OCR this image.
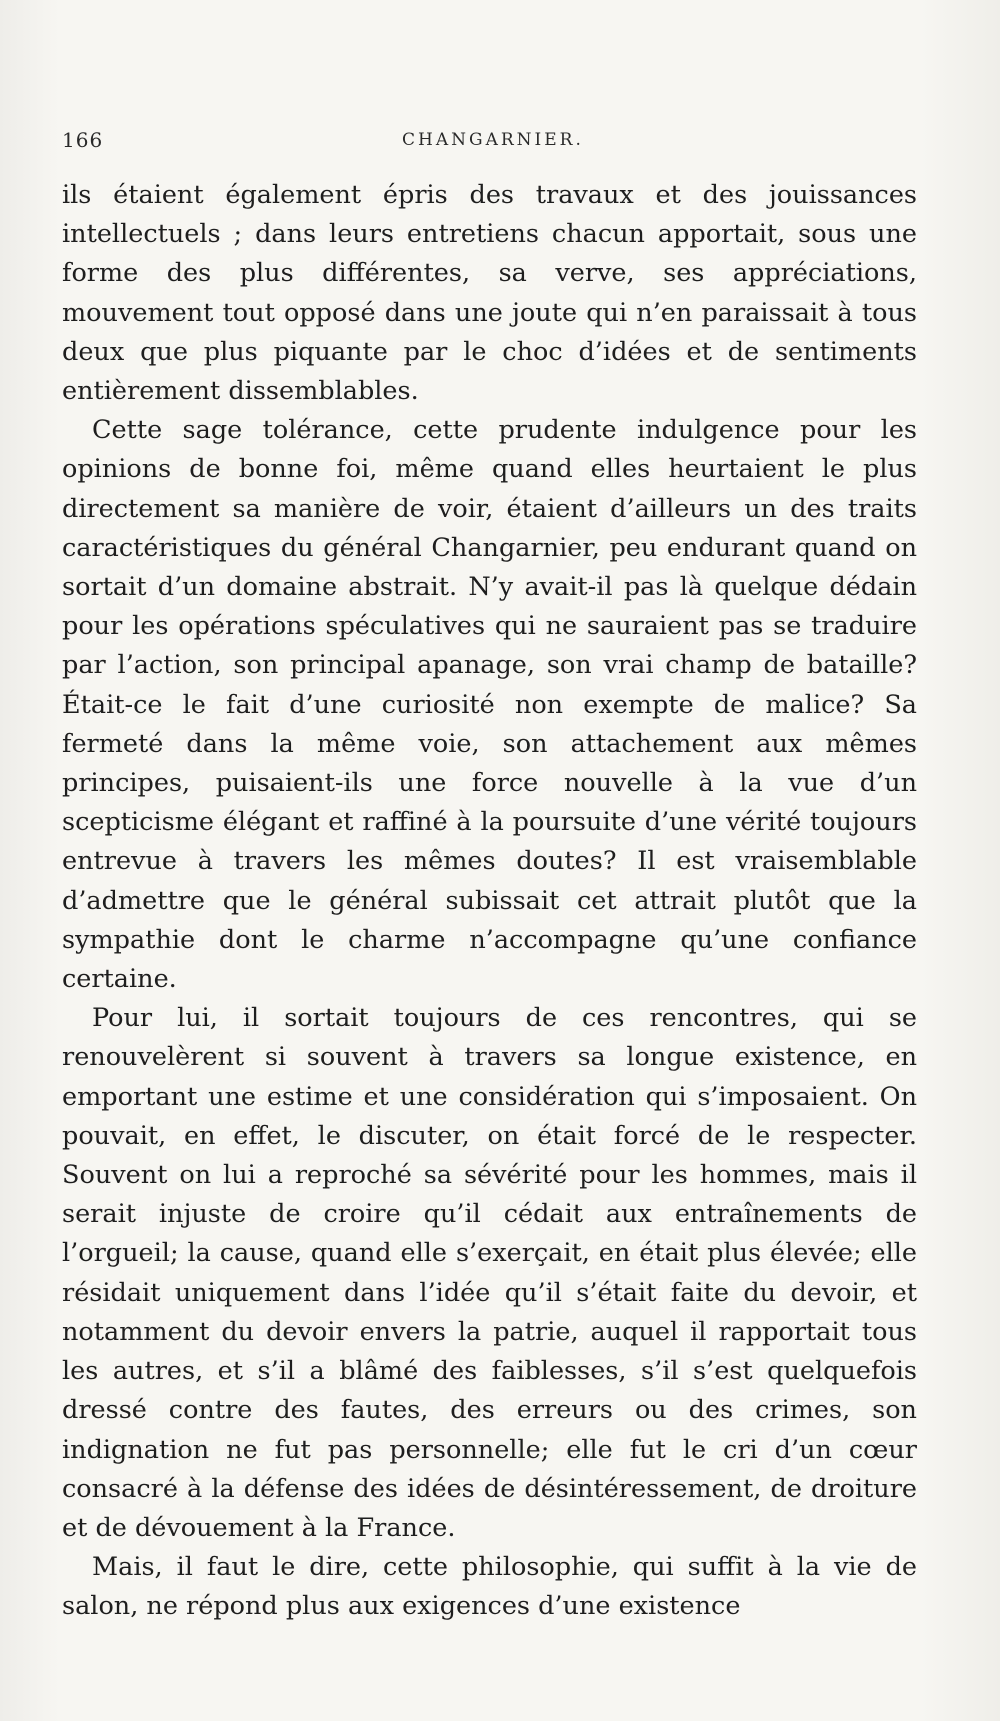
166	CHANGARNIER.

ils étaient également épris des travaux et des jouissances intellectuels ; dans leurs entretiens chacun apportait, sous une forme des plus différentes, sa verve, ses appréciations, mouvement tout opposé dans une joute qui n’en paraissait à tous deux que plus piquante par le choc d’idées et de sentiments entièrement dissemblables.

Cette sage tolérance, cette prudente indulgence pour les opinions de bonne foi, même quand elles heurtaient le plus directement sa manière de voir, étaient d’ailleurs un des traits caractéristiques du général Changarnier, peu endurant quand on sortait d’un domaine abstrait. N’y avait-il pas là quelque dédain pour les opérations spéculatives qui ne sauraient pas se traduire par l’action, son principal apanage, son vrai champ de bataille? Était-ce le fait d’une curiosité non exempte de malice? Sa fermeté dans la même voie, son attachement aux mêmes principes, puisaient-ils une force nouvelle à la vue d’un scepticisme élégant et raffiné à la poursuite d’une vérité toujours entrevue à travers les mêmes doutes? Il est vraisemblable d’admettre que le général subissait cet attrait plutôt que la sympathie dont le charme n’accompagne qu’une confiance certaine.

Pour lui, il sortait toujours de ces rencontres, qui se renouvelèrent si souvent à travers sa longue existence, en emportant une estime et une considération qui s’imposaient. On pouvait, en effet, le discuter, on était forcé de le respecter. Souvent on lui a reproché sa sévérité pour les hommes, mais il serait injuste de croire qu’il cédait aux entraînements de l’orgueil; la cause, quand elle s’exerçait, en était plus élevée; elle résidait uniquement dans l’idée qu’il s’était faite du devoir, et notamment du devoir envers la patrie, auquel il rapportait tous les autres, et s’il a blâmé des faiblesses, s’il s’est quelquefois dressé contre des fautes, des erreurs ou des crimes, son indignation ne fut pas personnelle; elle fut le cri d’un cœur consacré à la défense des idées de désintéressement, de droiture et de dévouement à la France.

Mais, il faut le dire, cette philosophie, qui suffit à la vie de salon, ne répond plus aux exigences d’une existence
